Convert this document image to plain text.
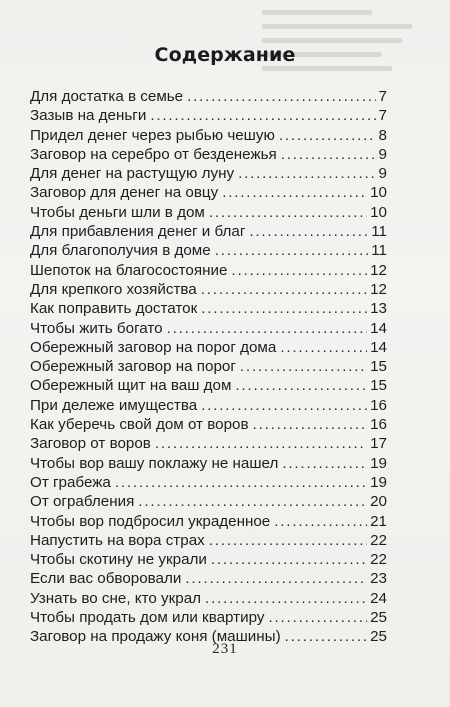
Содержание
Для достатка в семье .....	7
Зазыв на деньги .....	7
Придел денег через рыбью чешую .....	8
Заговор на серебро от безденежья .....	9
Для денег на растущую луну .....	9
Заговор для денег на овцу .....	10
Чтобы деньги шли в дом .....	10
Для прибавления денег и благ .....	11
Для благополучия в доме .....	11
Шепоток на благосостояние .....	12
Для крепкого хозяйства .....	12
Как поправить достаток .....	13
Чтобы жить богато .....	14
Обережный заговор на порог дома .....	14
Обережный заговор на порог .....	15
Обережный щит на ваш дом .....	15
При дележе имущества .....	16
Как уберечь свой дом от воров .....	16
Заговор от воров .....	17
Чтобы вор вашу поклажу не нашел .....	19
От грабежа .....	19
От ограбления .....	20
Чтобы вор подбросил украденное .....	21
Напустить на вора страх .....	22
Чтобы скотину не украли .....	22
Если вас обворовали .....	23
Узнать во сне, кто украл .....	24
Чтобы продать дом или квартиру .....	25
Заговор на продажу коня (машины) .....	25
231
